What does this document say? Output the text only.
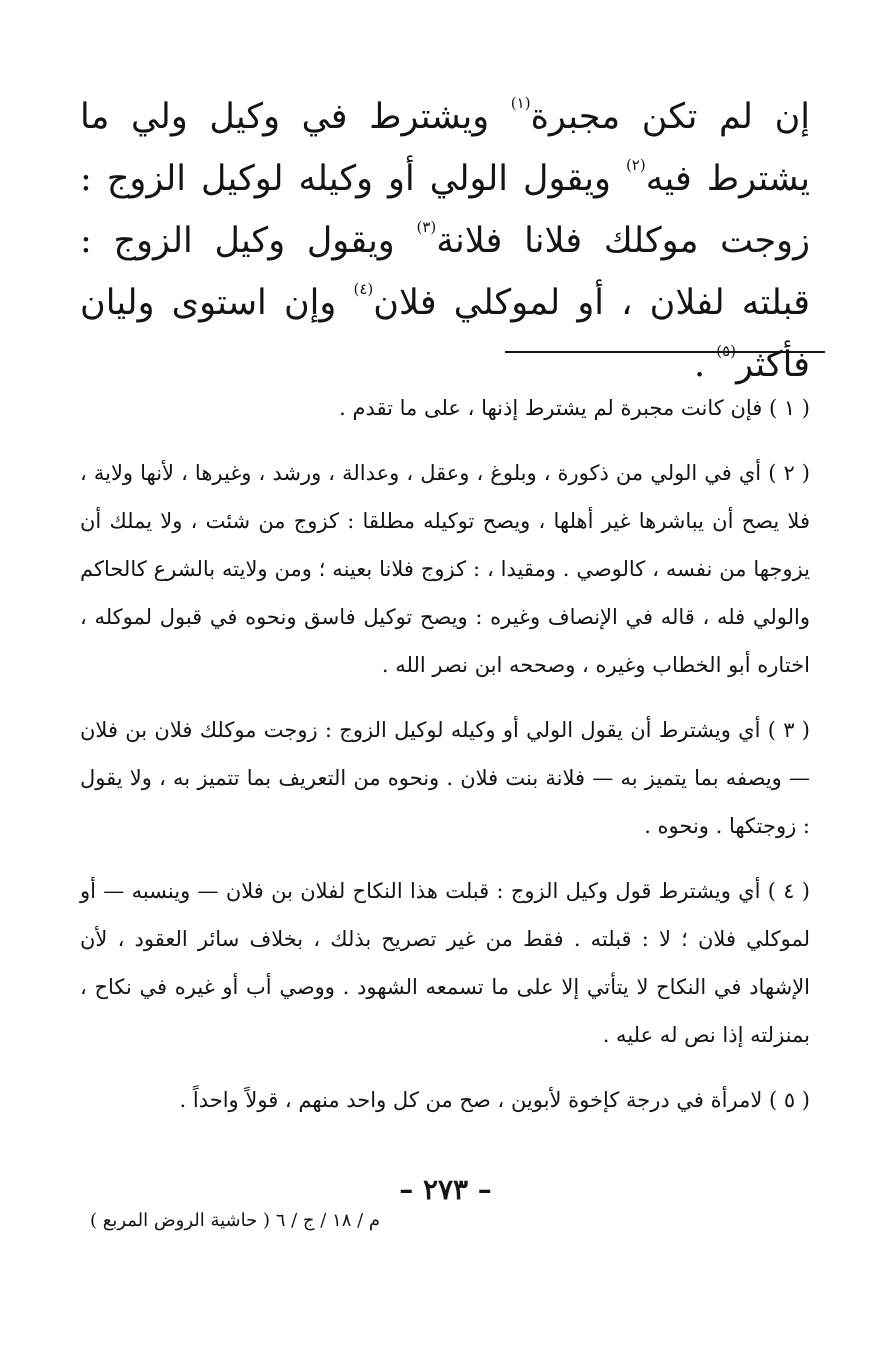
إن لم تكن مجبرة$^{(١)}$ ويشترط في وكيل ولي ما يشترط فيه$^{(٢)}$ ويقول الولي أو وكيله لوكيل الزوج : زوجت موكلك فلانا فلانة$^{(٣)}$ ويقول وكيل الزوج : قبلته لفلان ، أو لموكلي فلان$^{(٤)}$ وإن استوى وليان فأكثر$^{(٥)}$ .

( ١ ) فإن كانت مجبرة لم يشترط إذنها ، على ما تقدم .

( ٢ ) أي في الولي من ذكورة ، وبلوغ ، وعقل ، وعدالة ، ورشد ، وغيرها ، لأنها ولاية ، فلا يصح أن يباشرها غير أهلها ، ويصح توكيله مطلقا : كزوج من شئت ، ولا يملك أن يزوجها من نفسه ، كالوصي . ومقيدا ، : كزوج فلانا بعينه ؛ ومن ولايته بالشرع كالحاكم والولي فله ، قاله في الإنصاف وغيره : ويصح توكيل فاسق ونحوه في قبول لموكله ، اختاره أبو الخطاب وغيره ، وصححه ابن نصر الله .

( ٣ ) أي ويشترط أن يقول الولي أو وكيله لوكيل الزوج : زوجت موكلك فلان بن فلان — ويصفه بما يتميز به — فلانة بنت فلان . ونحوه من التعريف بما تتميز به ، ولا يقول : زوجتكها . ونحوه .

( ٤ ) أي ويشترط قول وكيل الزوج : قبلت هذا النكاح لفلان بن فلان — وينسبه — أو لموكلي فلان ؛ لا : قبلته . فقط من غير تصريح بذلك ، بخلاف سائر العقود ، لأن الإشهاد في النكاح لا يتأتي إلا على ما تسمعه الشهود . ووصي أب أو غيره في نكاح ، بمنزلته إذا نص له عليه .

( ٥ ) لامرأة في درجة كإخوة لأبوين ، صح من كل واحد منهم ، قولاً واحداً .

– ٢٧٣ –
م / ١٨ / ج / ٦ ( حاشية الروض المربع )
